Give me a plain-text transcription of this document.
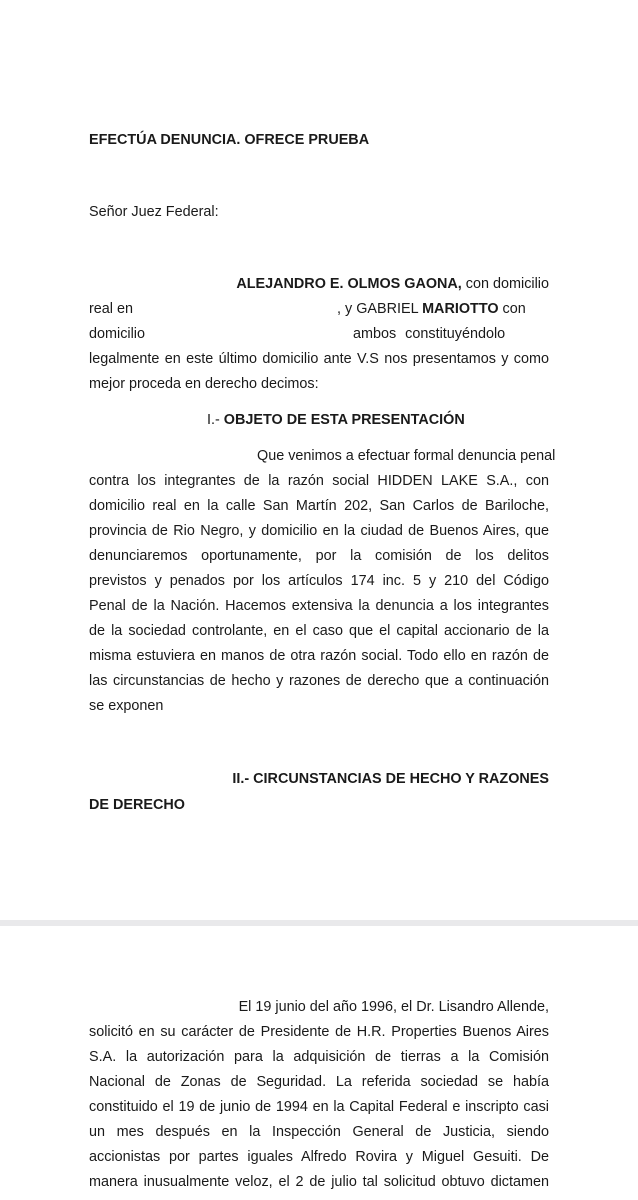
EFECTÚA DENUNCIA. OFRECE PRUEBA
Señor Juez Federal:
ALEJANDRO E. OLMOS GAONA, con domicilio
real en	, y GABRIEL MARIOTTO con
domicilio	ambos constituyéndolo
legalmente en este último domicilio ante V.S nos presentamos y como
mejor proceda en derecho decimos:
I.- OBJETO DE ESTA PRESENTACIÓN
Que venimos a efectuar formal denuncia penal
contra los integrantes de la razón social HIDDEN LAKE S.A., con
domicilio real en la calle San Martín 202, San Carlos de Bariloche,
provincia de Rio Negro, y domicilio en la ciudad de Buenos Aires, que
denunciaremos oportunamente, por la comisión de los delitos
previstos y penados por los artículos 174 inc. 5 y 210 del Código
Penal de la Nación. Hacemos extensiva la denuncia a los integrantes
de la sociedad controlante, en el caso que el capital accionario de la
misma estuviera en manos de otra razón social. Todo ello en razón de
las circunstancias de hecho y razones de derecho que a continuación
se exponen
II.- CIRCUNSTANCIAS DE HECHO Y RAZONES
DE DERECHO
El 19 junio del año 1996, el Dr. Lisandro Allende,
solicitó en su carácter de Presidente de H.R. Properties Buenos Aires
S.A. la autorización para la adquisición de tierras a la Comisión
Nacional de Zonas de Seguridad. La referida sociedad se había
constituido el 19 de junio de 1994 en la Capital Federal e inscripto casi
un mes después en la Inspección General de Justicia, siendo
accionistas por partes iguales Alfredo Rovira y Miguel Gesuiti. De
manera inusualmente veloz, el 2 de julio tal solicitud obtuvo dictamen
